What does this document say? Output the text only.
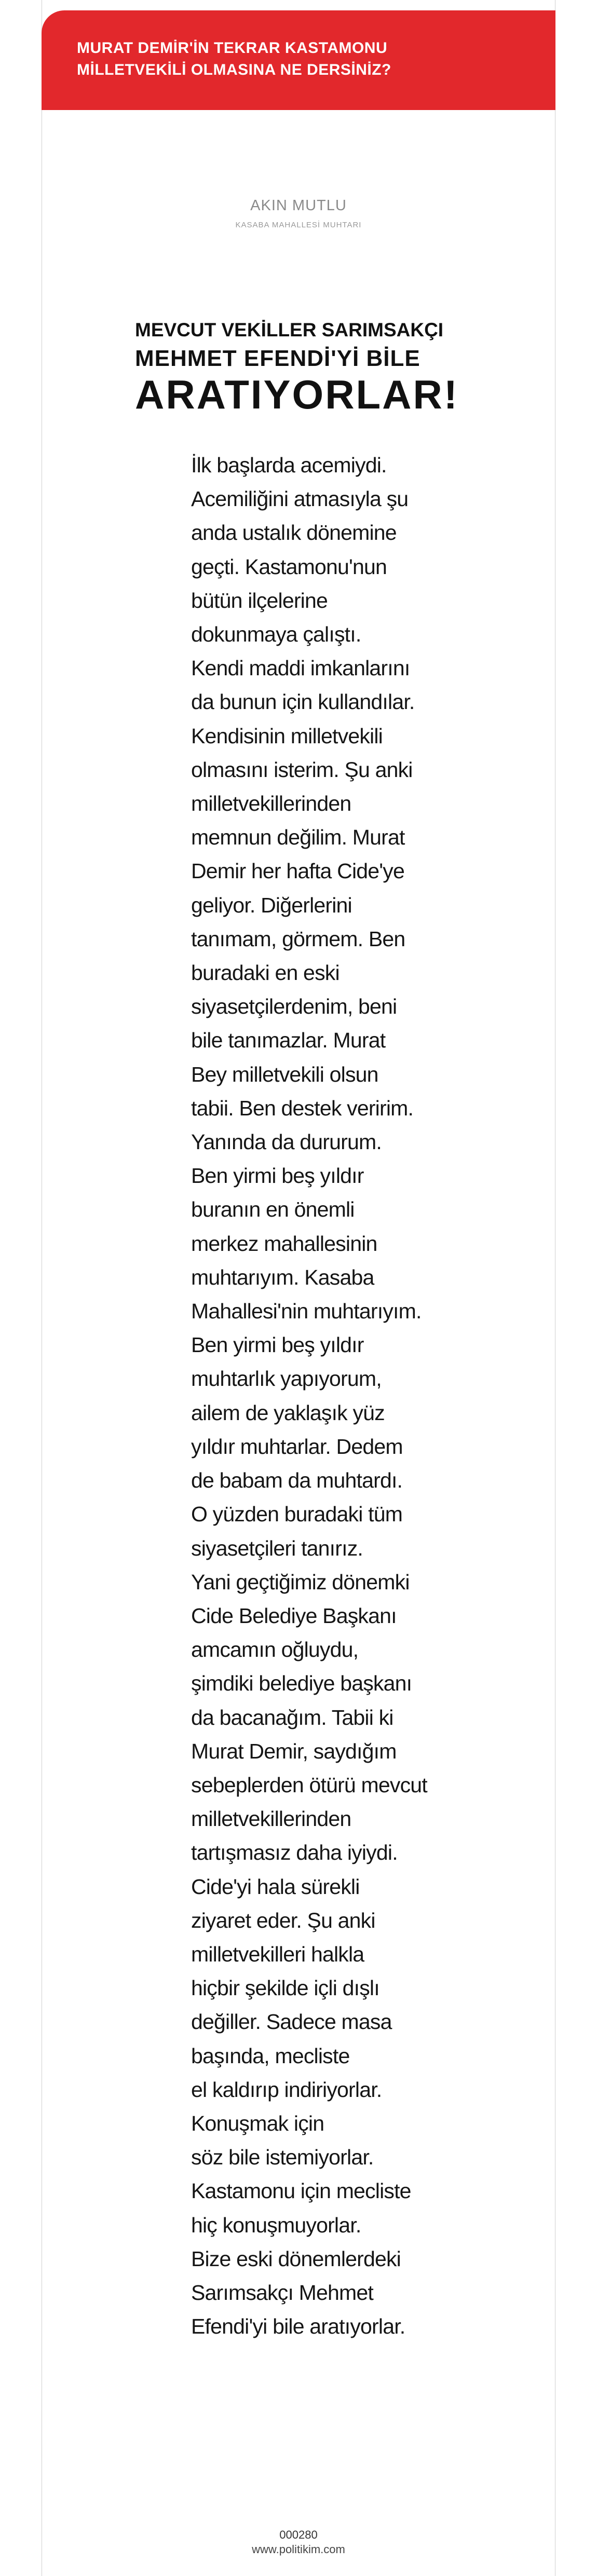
MURAT DEMİR'İN TEKRAR KASTAMONU
MİLLETVEKİLİ OLMASINA NE DERSİNİZ?
AKIN MUTLU
KASABA MAHALLESİ MUHTARI
MEVCUT VEKİLLER SARIMSAKÇI
MEHMET EFENDİ'Yİ BİLE
ARATIYORLAR!
İlk başlarda acemiydi.
Acemiliğini atmasıyla şu
anda ustalık dönemine
geçti. Kastamonu'nun
bütün ilçelerine
dokunmaya çalıştı.
Kendi maddi imkanlarını
da bunun için kullandılar.
Kendisinin milletvekili
olmasını isterim. Şu anki
milletvekillerinden
memnun değilim. Murat
Demir her hafta Cide'ye
geliyor. Diğerlerini
tanımam, görmem. Ben
buradaki en eski
siyasetçilerdenim, beni
bile tanımazlar. Murat
Bey milletvekili olsun
tabii. Ben destek veririm.
Yanında da dururum.
Ben yirmi beş yıldır
buranın en önemli
merkez mahallesinin
muhtarıyım. Kasaba
Mahallesi'nin muhtarıyım.
Ben yirmi beş yıldır
muhtarlık yapıyorum,
ailem de yaklaşık yüz
yıldır muhtarlar. Dedem
de babam da muhtardı.
O yüzden buradaki tüm
siyasetçileri tanırız.
Yani geçtiğimiz dönemki
Cide Belediye Başkanı
amcamın oğluydu,
şimdiki belediye başkanı
da bacanağım. Tabii ki
Murat Demir, saydığım
sebeplerden ötürü mevcut
milletvekillerinden
tartışmasız daha iyiydi.
Cide'yi hala sürekli
ziyaret eder. Şu anki
milletvekilleri halkla
hiçbir şekilde içli dışlı
değiller. Sadece masa
başında, mecliste
el kaldırıp indiriyorlar.
Konuşmak için
söz bile istemiyorlar.
Kastamonu için mecliste
hiç konuşmuyorlar.
Bize eski dönemlerdeki
Sarımsakçı Mehmet
Efendi'yi bile aratıyorlar.
000280
www.politikim.com
